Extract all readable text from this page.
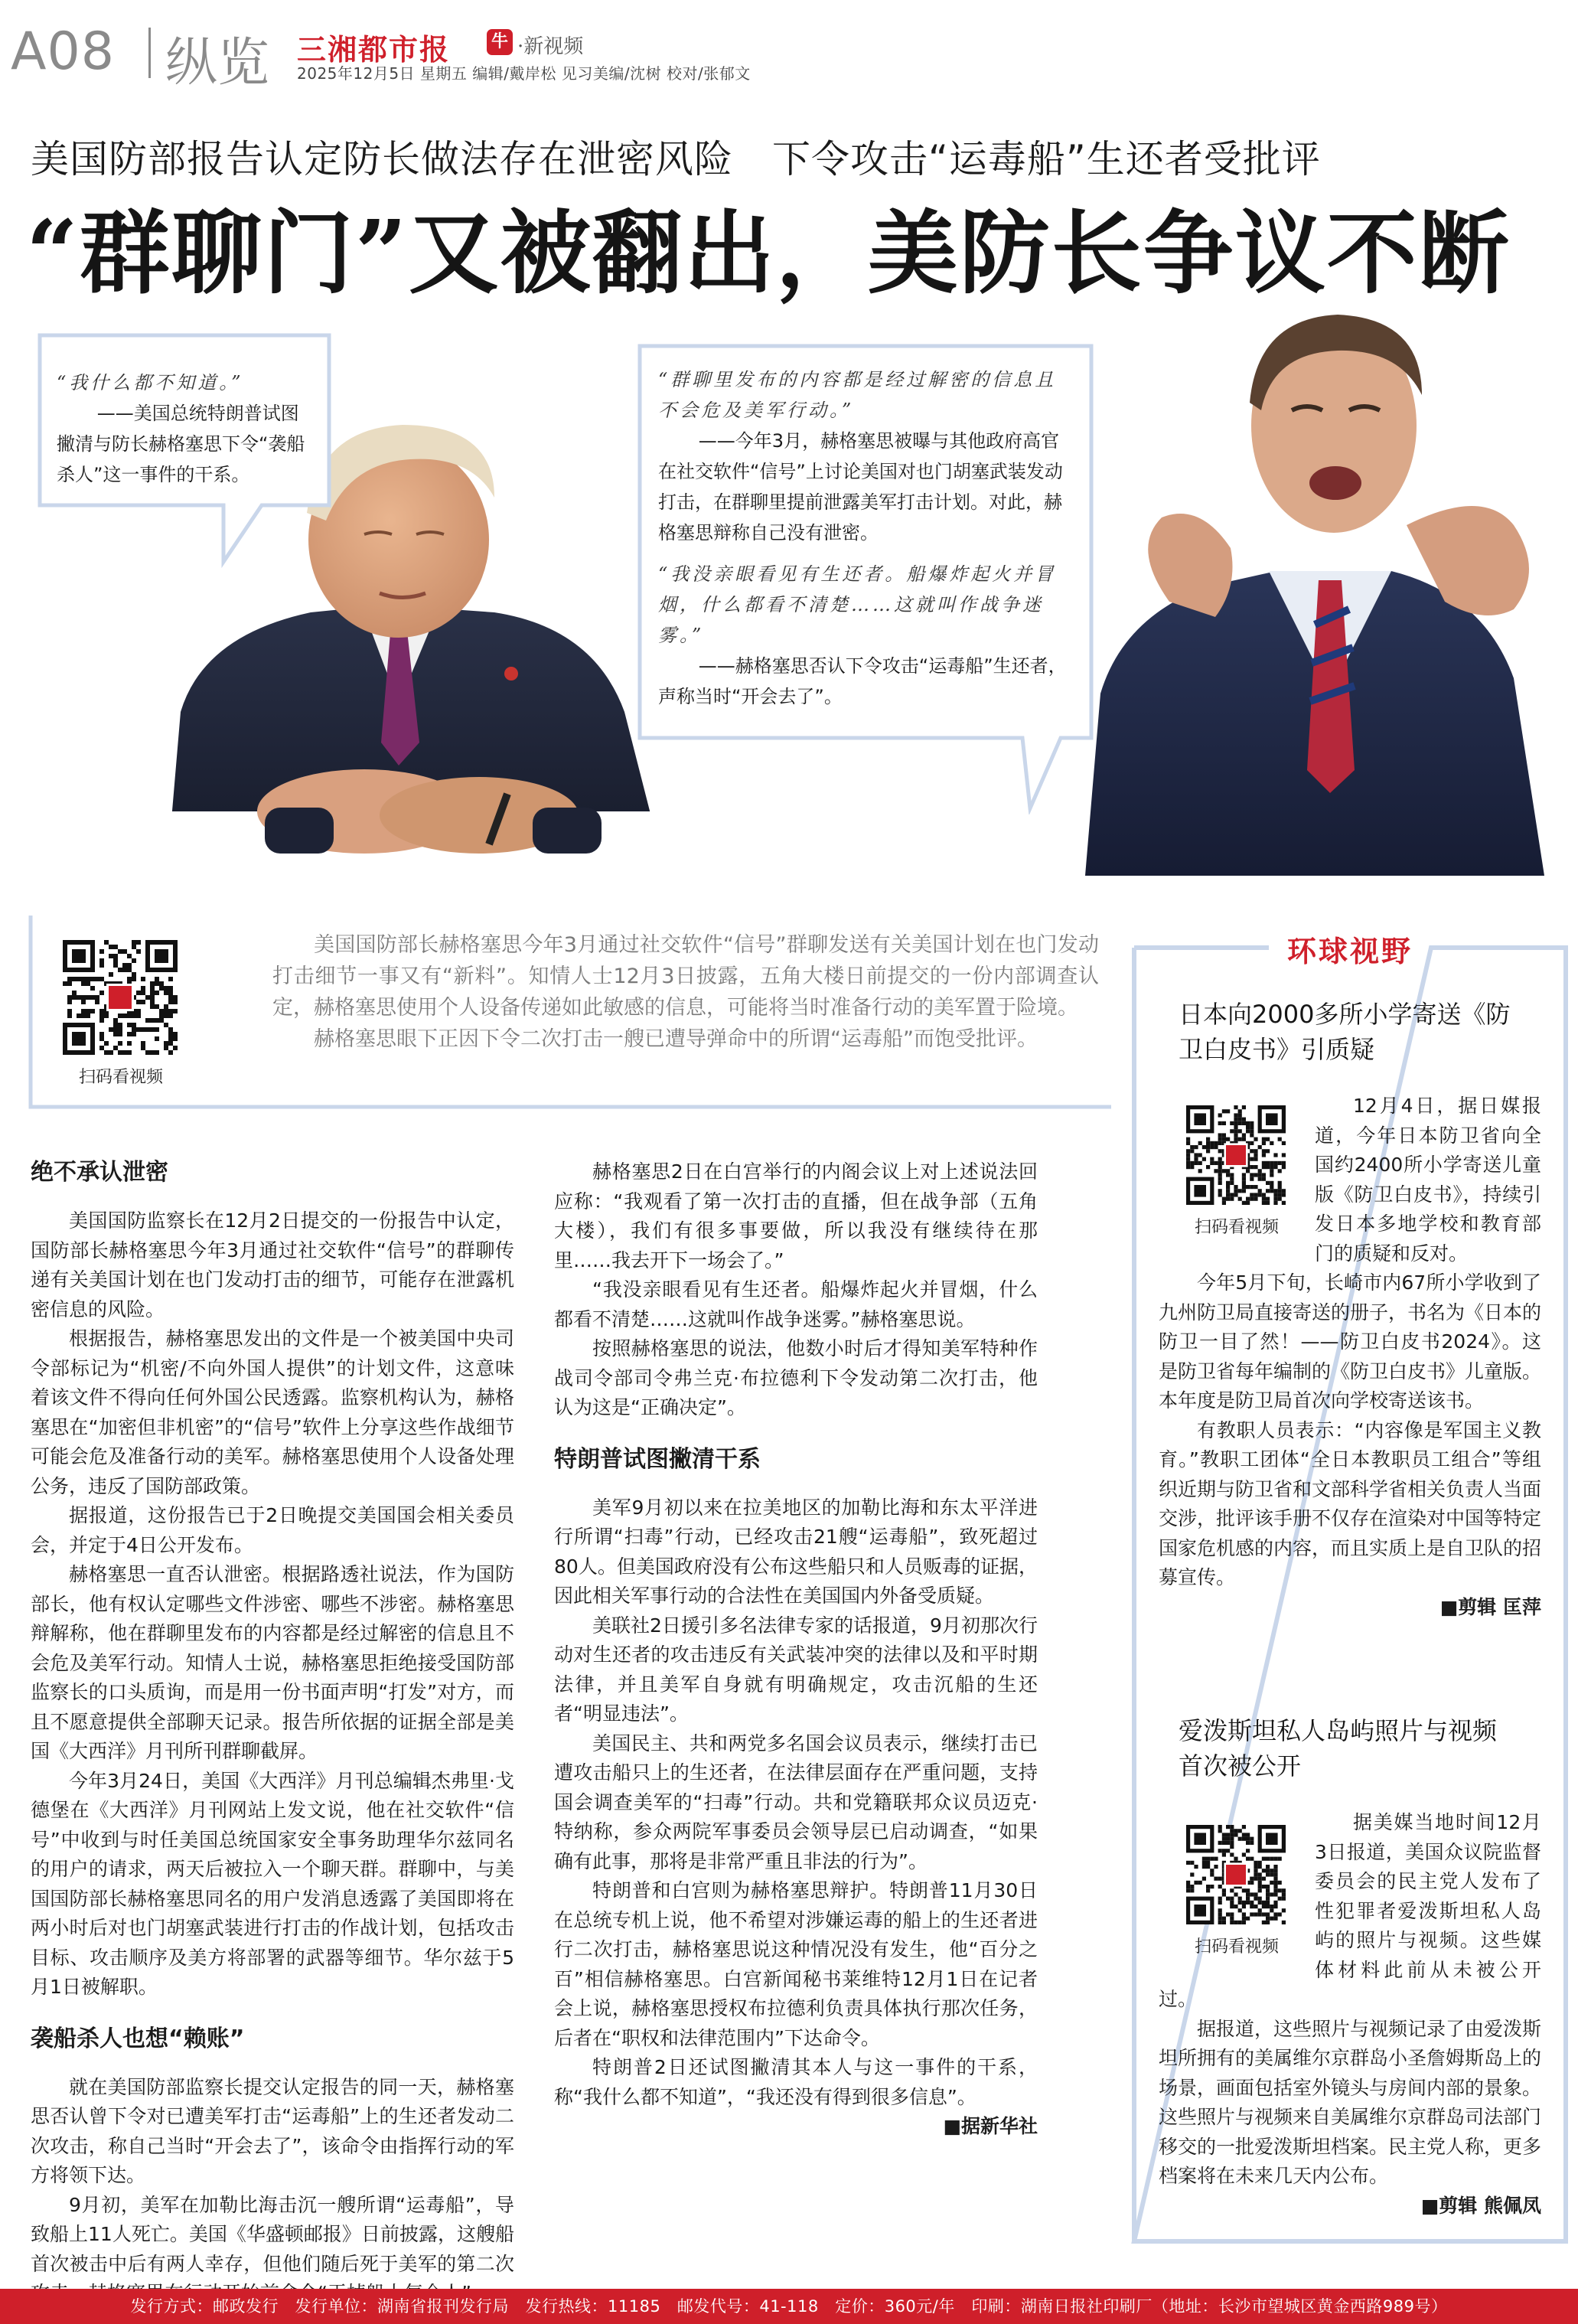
A08 纵览 三湘都市报 牛 ·新视频
2025年12月5日 星期五 编辑/戴岸松 见习美编/沈树 校对/张郁文
美国防部报告认定防长做法存在泄密风险　下令攻击“运毒船”生还者受批评
“群聊门”又被翻出，美防长争议不断
“我什么都不知道。”
——美国总统特朗普试图撇清与防长赫格塞思下令“袭船杀人”这一事件的干系。
“群聊里发布的内容都是经过解密的信息且不会危及美军行动。”
——今年3月，赫格塞思被曝与其他政府高官在社交软件“信号”上讨论美国对也门胡塞武装发动打击，在群聊里提前泄露美军打击计划。对此，赫格塞思辩称自己没有泄密。
“我没亲眼看见有生还者。船爆炸起火并冒烟，什么都看不清楚……这就叫作战争迷雾。”
——赫格塞思否认下令攻击“运毒船”生还者，声称当时“开会去了”。
扫码看视频

美国国防部长赫格塞思今年3月通过社交软件“信号”群聊发送有关美国计划在也门发动打击细节一事又有“新料”。知情人士12月3日披露，五角大楼日前提交的一份内部调查认定，赫格塞思使用个人设备传递如此敏感的信息，可能将当时准备行动的美军置于险境。

赫格塞思眼下正因下令二次打击一艘已遭导弹命中的所谓“运毒船”而饱受批评。

绝不承认泄密

美国国防监察长在12月2日提交的一份报告中认定，国防部长赫格塞思今年3月通过社交软件“信号”的群聊传递有关美国计划在也门发动打击的细节，可能存在泄露机密信息的风险。

根据报告，赫格塞思发出的文件是一个被美国中央司令部标记为“机密/不向外国人提供”的计划文件，这意味着该文件不得向任何外国公民透露。监察机构认为，赫格塞思在“加密但非机密”的“信号”软件上分享这些作战细节可能会危及准备行动的美军。赫格塞思使用个人设备处理公务，违反了国防部政策。

据报道，这份报告已于2日晚提交美国国会相关委员会，并定于4日公开发布。

赫格塞思一直否认泄密。根据路透社说法，作为国防部长，他有权认定哪些文件涉密、哪些不涉密。赫格塞思辩解称，他在群聊里发布的内容都是经过解密的信息且不会危及美军行动。知情人士说，赫格塞思拒绝接受国防部监察长的口头质询，而是用一份书面声明“打发”对方，而且不愿意提供全部聊天记录。报告所依据的证据全部是美国《大西洋》月刊所刊群聊截屏。

今年3月24日，美国《大西洋》月刊总编辑杰弗里·戈德堡在《大西洋》月刊网站上发文说，他在社交软件“信号”中收到与时任美国总统国家安全事务助理华尔兹同名的用户的请求，两天后被拉入一个聊天群。群聊中，与美国国防部长赫格塞思同名的用户发消息透露了美国即将在两小时后对也门胡塞武装进行打击的作战计划，包括攻击目标、攻击顺序及美方将部署的武器等细节。华尔兹于5月1日被解职。

袭船杀人也想“赖账”

就在美国防部监察长提交认定报告的同一天，赫格塞思否认曾下令对已遭美军打击“运毒船”上的生还者发动二次攻击，称自己当时“开会去了”，该命令由指挥行动的军方将领下达。

9月初，美军在加勒比海击沉一艘所谓“运毒船”，导致船上11人死亡。美国《华盛顿邮报》日前披露，这艘船首次被击中后有两人幸存，但他们随后死于美军的第二次

赫格塞思2日在白宫举行的内阁会议上对上述说法回应称：“我观看了第一次打击的直播，但在战争部（五角大楼），我们有很多事要做，所以我没有继续待在那里……我去开下一场会了。”

“我没亲眼看见有生还者。船爆炸起火并冒烟，什么都看不清楚……这就叫作战争迷雾。”赫格塞思说。

按照赫格塞思的说法，他数小时后才得知美军特种作战司令部司令弗兰克·布拉德利下令发动第二次打击，他认为这是“正确决定”。

特朗普试图撇清干系

美军9月初以来在拉美地区的加勒比海和东太平洋进行所谓“扫毒”行动，已经攻击21艘“运毒船”，致死超过80人。但美国政府没有公布这些船只和人员贩毒的证据，因此相关军事行动的合法性在美国国内外备受质疑。

美联社2日援引多名法律专家的话报道，9月初那次行动对生还者的攻击违反有关武装冲突的法律以及和平时期法律，并且美军自身就有明确规定，攻击沉船的生还者“明显违法”。

美国民主、共和两党多名国会议员表示，继续打击已遭攻击船只上的生还者，在法律层面存在严重问题，支持国会调查美军的“扫毒”行动。共和党籍联邦众议员迈克·特纳称，参众两院军事委员会领导层已启动调查，“如果确有此事，那将是非常严重且非法的行为”。

特朗普和白宫则为赫格塞思辩护。特朗普11月30日在总统专机上说，他不希望对涉嫌运毒的船上的生还者进行二次打击，赫格塞思说这种情况没有发生，他“百分之百”相信赫格塞思。白宫新闻秘书莱维特12月1日在记者会上说，赫格塞思授权布拉德利负责具体执行那次任务，后者在“职权和法律范围内”下达命令。

特朗普2日还试图撇清其本人与这一事件的干系，称“我什么都不知道”，“我还没有得到很多信息”。

■据新华社

环球视野
日本向2000多所小学寄送《防卫白皮书》引质疑
扫码看视频

12月4日，据日媒报道，今年日本防卫省向全国约2400所小学寄送儿童版《防卫白皮书》，持续引发日本多地学校和教育部门的质疑和反对。

今年5月下旬，长崎市内67所小学收到了九州防卫局直接寄送的册子，书名为《日本的防卫一目了然！——防卫白皮书2024》。这是防卫省每年编制的《防卫白皮书》儿童版。本年度是防卫局首次向学校寄送该书。

有教职人员表示：“内容像是军国主义教育。”教职工团体“全日本教职员工组合”等组织近期与防卫省和文部科学省相关负责人当面交涉，批评该手册不仅存在渲染对中国等特定国家危机感的内容，而且实质上是自卫队的招募宣传。

■剪辑 匡萍

爱泼斯坦私人岛屿照片与视频首次被公开
扫码看视频

据美媒当地时间12月3日报道，美国众议院监督委员会的民主党人发布了性犯罪者爱泼斯坦私人岛屿的照片与视频。这些媒体材料此前从未被公开过。

据报道，这些照片与视频记录了由爱泼斯坦所拥有的美属维尔京群岛小圣詹姆斯岛上的场景，画面包括室外镜头与房间内部的景象。这些照片与视频来自美属维尔京群岛司法部门移交的一批爱泼斯坦档案。民主党人称，更多档案将在未来几天内公布。

■剪辑 熊佩凤

发行方式：邮政发行　发行单位：湖南省报刊发行局　发行热线：11185　邮发代号：41-118　定价：360元/年　印刷：湖南日报社印刷厂（地址：长沙市望城区黄金西路989号）
